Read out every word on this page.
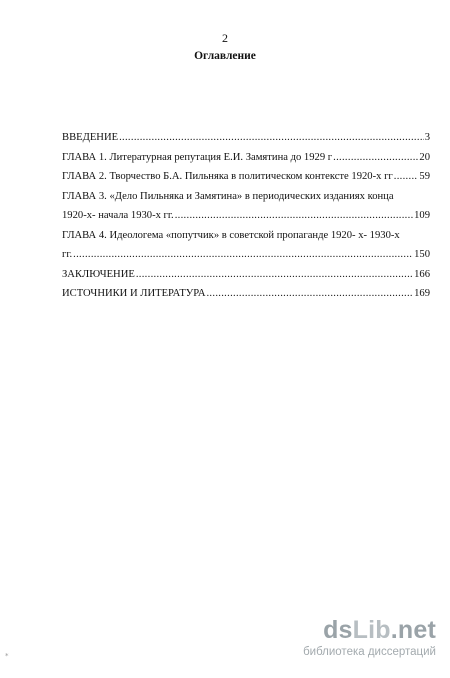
2
Оглавление
ВВЕДЕНИЕ .....	3
ГЛАВА 1. Литературная репутация Е.И. Замятина до 1929 г .....	20
ГЛАВА 2. Творчество Б.А. Пильняка в политическом контексте 1920-х гг .....	59
ГЛАВА 3. «Дело Пильняка и Замятина» в периодических изданиях конца
1920-х- начала 1930-х гг. .....	109
ГЛАВА 4. Идеологема «попутчик» в советской пропаганде 1920- х- 1930-х
гг. .....	150
ЗАКЛЮЧЕНИЕ .....	166
ИСТОЧНИКИ И ЛИТЕРАТУРА .....	169
*
dsLib.net
библиотека диссертаций
